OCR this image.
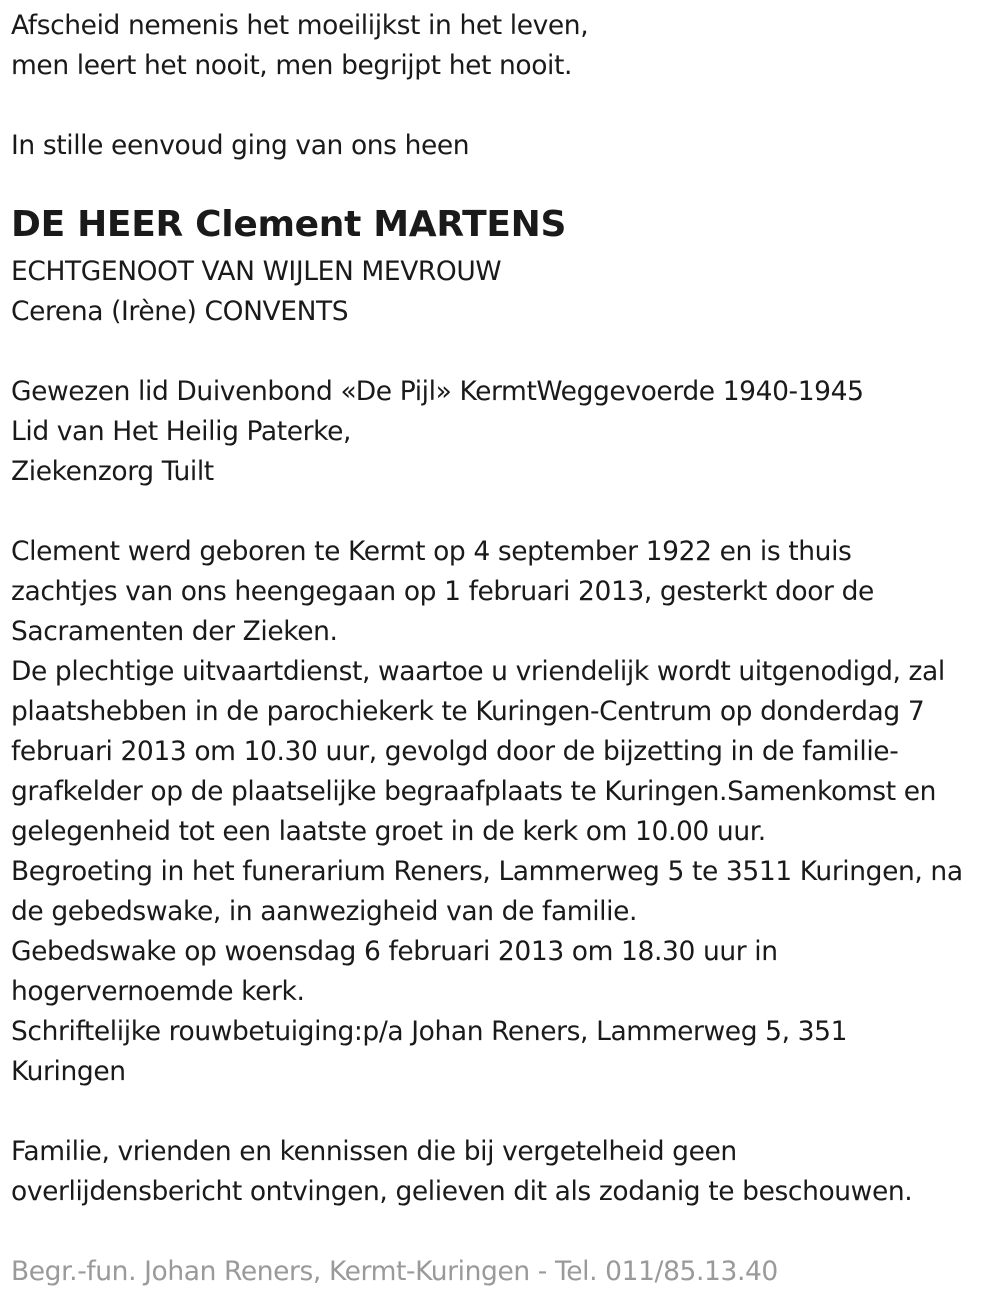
Afscheid nemenis het moeilijkst in het leven,
men leert het nooit, men begrijpt het nooit.
In stille eenvoud ging van ons heen
DE HEER Clement MARTENS
ECHTGENOOT VAN WIJLEN MEVROUW
Cerena (Irène) CONVENTS
Gewezen lid Duivenbond «De Pijl» KermtWeggevoerde 1940-1945
Lid van Het Heilig Paterke,
Ziekenzorg Tuilt
Clement werd geboren te Kermt op 4 september 1922 en is thuis
zachtjes van ons heengegaan op 1 februari 2013, gesterkt door de
Sacramenten der Zieken.
De plechtige uitvaartdienst, waartoe u vriendelijk wordt uitgenodigd, zal
plaatshebben in de parochiekerk te Kuringen-Centrum op donderdag 7
februari 2013 om 10.30 uur, gevolgd door de bijzetting in de familie-
grafkelder op de plaatselijke begraafplaats te Kuringen.Samenkomst en
gelegenheid tot een laatste groet in de kerk om 10.00 uur.
Begroeting in het funerarium Reners, Lammerweg 5 te 3511 Kuringen, na
de gebedswake, in aanwezigheid van de familie.
Gebedswake op woensdag 6 februari 2013 om 18.30 uur in
hogervernoemde kerk.
Schriftelijke rouwbetuiging:p/a Johan Reners, Lammerweg 5, 351
Kuringen
Familie, vrienden en kennissen die bij vergetelheid geen
overlijdensbericht ontvingen, gelieven dit als zodanig te beschouwen.
Begr.-fun. Johan Reners, Kermt-Kuringen - Tel. 011/85.13.40
